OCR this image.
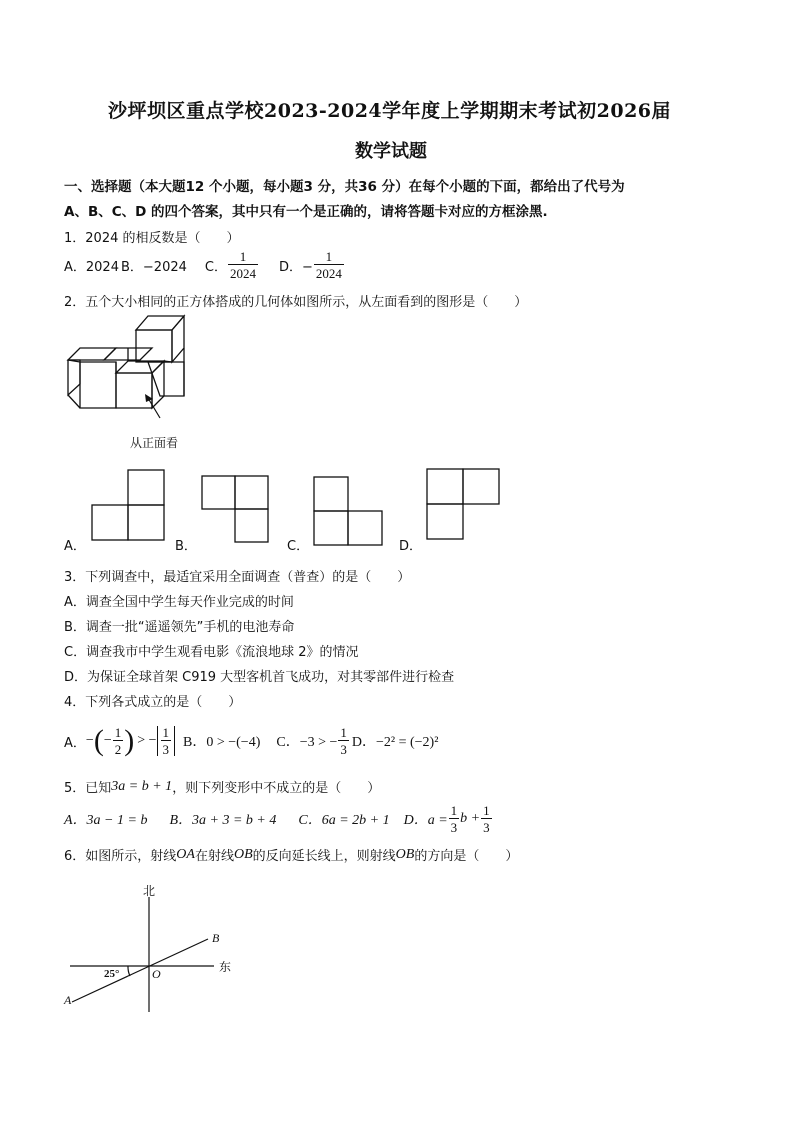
沙坪坝区重点学校2023-2024学年度上学期期末考试初2026届
数学试题
一、选择题（本大题12 个小题，每小题3 分，共36 分）在每个小题的下面，都给出了代号为
A、B、C、D 的四个答案，其中只有一个是正确的，请将答题卡对应的方框涂黑.
1．2024 的相反数是（　　）
A．2024 B．−2024 C． $\frac{1}{2024}$ D．− $\frac{1}{2024}$
2．五个大小相同的正方体搭成的几何体如图所示，从左面看到的图形是（　　）
从正面看
A．	B．	C．	D．
3．下列调查中，最适宜采用全面调查（普查）的是（　　）
A．调查全国中学生每天作业完成的时间
B．调查一批“遥遥领先”手机的电池寿命
C．调查我市中学生观看电影《流浪地球 2》的情况
D．为保证全球首架 C919 大型客机首飞成功，对其零部件进行检查
4．下列各式成立的是（　　）
A． − ( − $\frac{1}{2}$ ) > − $\frac{1}{3}$ B．0 > −(−4) C．−3 > − $\frac{1}{3}$ D．−2² = (−2)²
5．已知 3a = b + 1 ，则下列变形中不成立的是（　　）
A．3a − 1 = b B．3a + 3 = b + 4 C．6a = 2b + 1 D．$a = \frac{1}{3}$ $b + \frac{1}{3}$
6．如图所示，射线 OA 在射线 OB 的反向延长线上，则射线 OB 的方向是（　　）
北
东
25°	O
A
B
